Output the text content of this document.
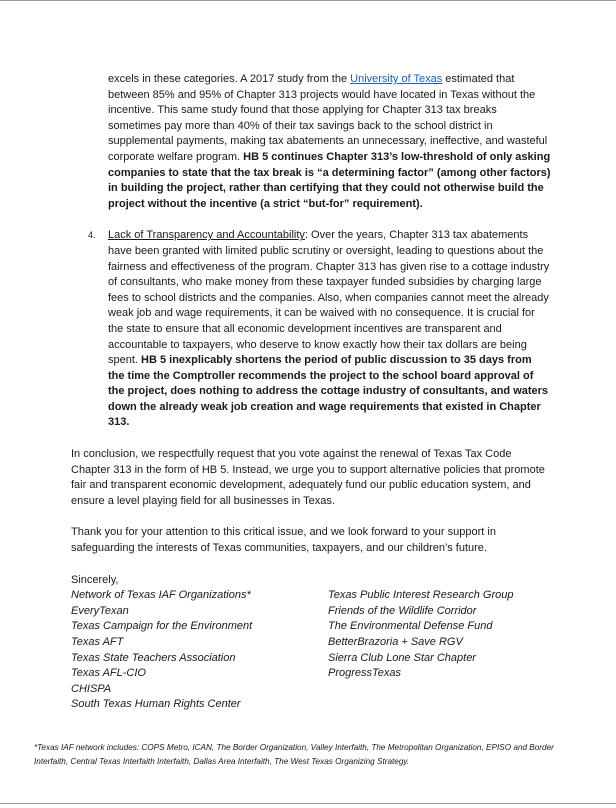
excels in these categories. A 2017 study from the University of Texas estimated that between 85% and 95% of Chapter 313 projects would have located in Texas without the incentive. This same study found that those applying for Chapter 313 tax breaks sometimes pay more than 40% of their tax savings back to the school district in supplemental payments, making tax abatements an unnecessary, ineffective, and wasteful corporate welfare program. HB 5 continues Chapter 313’s low-threshold of only asking companies to state that the tax break is “a determining factor” (among other factors) in building the project, rather than certifying that they could not otherwise build the project without the incentive (a strict “but-for” requirement).
4. Lack of Transparency and Accountability: Over the years, Chapter 313 tax abatements have been granted with limited public scrutiny or oversight, leading to questions about the fairness and effectiveness of the program. Chapter 313 has given rise to a cottage industry of consultants, who make money from these taxpayer funded subsidies by charging large fees to school districts and the companies. Also, when companies cannot meet the already weak job and wage requirements, it can be waived with no consequence. It is crucial for the state to ensure that all economic development incentives are transparent and accountable to taxpayers, who deserve to know exactly how their tax dollars are being spent. HB 5 inexplicably shortens the period of public discussion to 35 days from the time the Comptroller recommends the project to the school board approval of the project, does nothing to address the cottage industry of consultants, and waters down the already weak job creation and wage requirements that existed in Chapter 313.
In conclusion, we respectfully request that you vote against the renewal of Texas Tax Code Chapter 313 in the form of HB 5. Instead, we urge you to support alternative policies that promote fair and transparent economic development, adequately fund our public education system, and ensure a level playing field for all businesses in Texas.
Thank you for your attention to this critical issue, and we look forward to your support in safeguarding the interests of Texas communities, taxpayers, and our children’s future.
Sincerely,
Network of Texas IAF Organizations*
EveryTexan
Texas Campaign for the Environment
Texas AFT
Texas State Teachers Association
Texas AFL-CIO
CHISPA
South Texas Human Rights Center
Texas Public Interest Research Group
Friends of the Wildlife Corridor
The Environmental Defense Fund
BetterBrazoria + Save RGV
Sierra Club Lone Star Chapter
ProgressTexas
*Texas IAF network includes: COPS Metro, ICAN, The Border Organization, Valley Interfaith, The Metropolitan Organization, EPISO and Border Interfaith, Central Texas Interfaith Interfaith, Dallas Area Interfaith, The West Texas Organizing Strategy.
